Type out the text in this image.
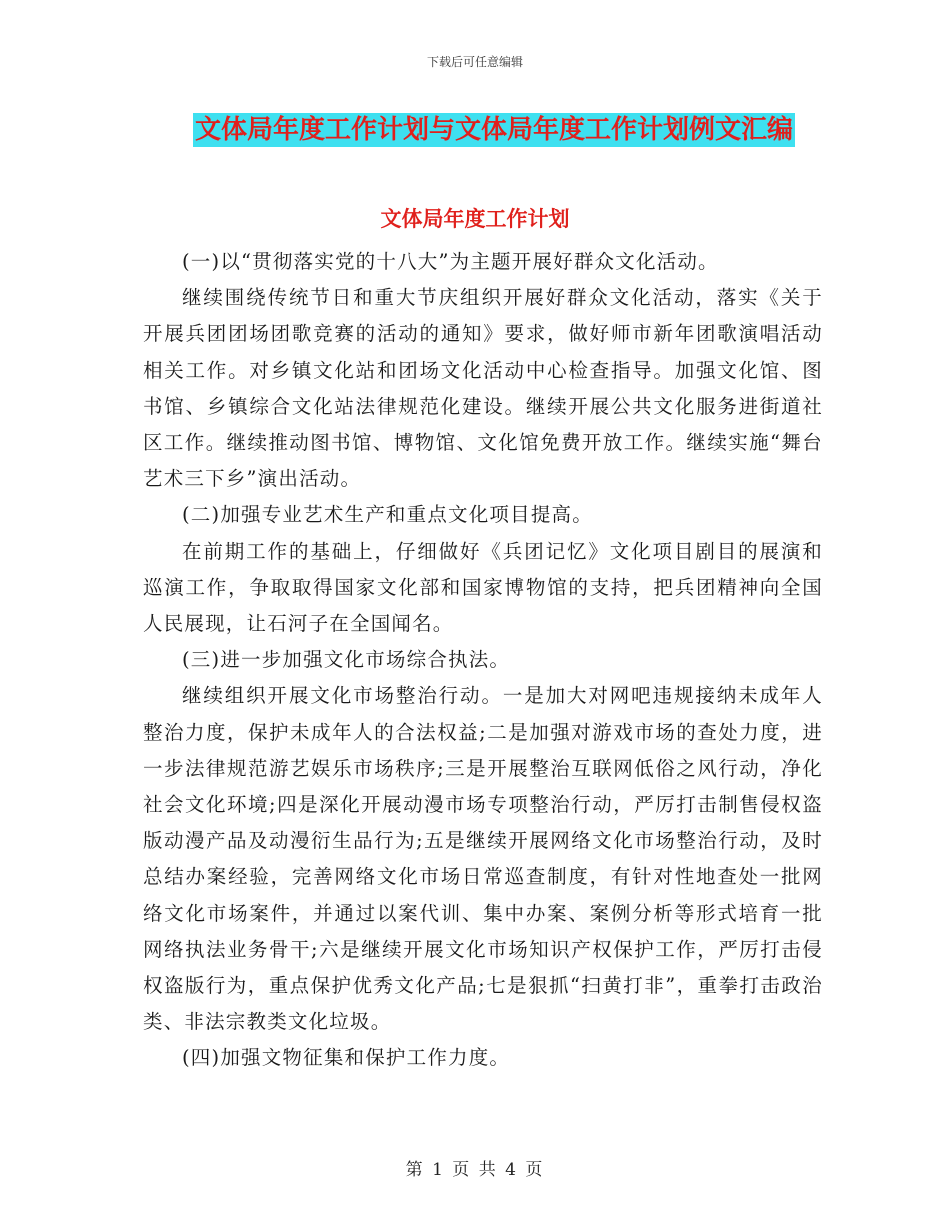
下载后可任意编辑
文体局年度工作计划与文体局年度工作计划例文汇编
文体局年度工作计划

(一)以“贯彻落实党的十八大”为主题开展好群众文化活动。

继续围绕传统节日和重大节庆组织开展好群众文化活动，落实《关于开展兵团团场团歌竞赛的活动的通知》要求，做好师市新年团歌演唱活动相关工作。对乡镇文化站和团场文化活动中心检查指导。加强文化馆、图书馆、乡镇综合文化站法律规范化建设。继续开展公共文化服务进街道社区工作。继续推动图书馆、博物馆、文化馆免费开放工作。继续实施“舞台艺术三下乡”演出活动。

(二)加强专业艺术生产和重点文化项目提高。

在前期工作的基础上，仔细做好《兵团记忆》文化项目剧目的展演和巡演工作，争取取得国家文化部和国家博物馆的支持，把兵团精神向全国人民展现，让石河子在全国闻名。

(三)进一步加强文化市场综合执法。

继续组织开展文化市场整治行动。一是加大对网吧违规接纳未成年人整治力度，保护未成年人的合法权益;二是加强对游戏市场的查处力度，进一步法律规范游艺娱乐市场秩序;三是开展整治互联网低俗之风行动，净化社会文化环境;四是深化开展动漫市场专项整治行动，严厉打击制售侵权盗版动漫产品及动漫衍生品行为;五是继续开展网络文化市场整治行动，及时总结办案经验，完善网络文化市场日常巡查制度，有针对性地查处一批网络文化市场案件，并通过以案代训、集中办案、案例分析等形式培育一批网络执法业务骨干;六是继续开展文化市场知识产权保护工作，严厉打击侵权盗版行为，重点保护优秀文化产品;七是狠抓“扫黄打非”，重拳打击政治类、非法宗教类文化垃圾。

(四)加强文物征集和保护工作力度。

第 1 页 共 4 页
